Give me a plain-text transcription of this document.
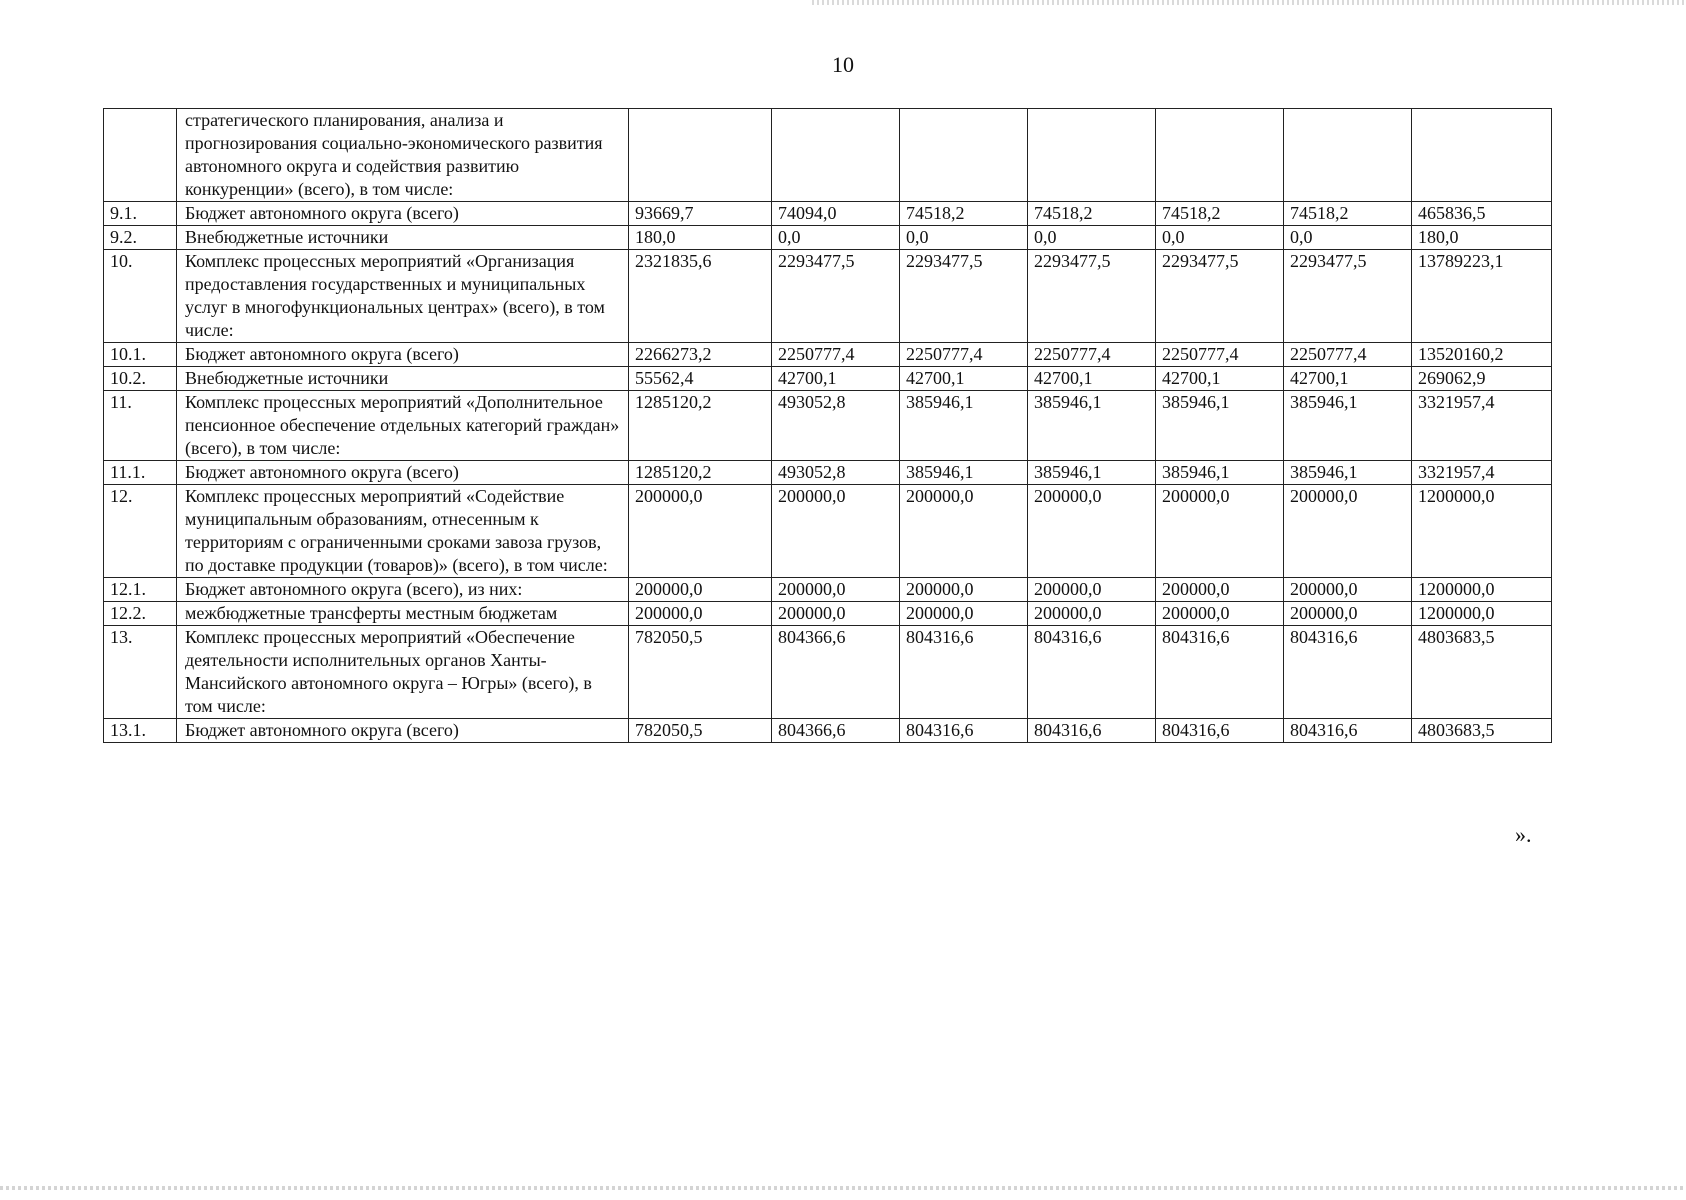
10
	стратегического планирования, анализа и прогнозирования социально-экономического развития автономного округа и содействия развитию конкуренции» (всего), в том числе:							
9.1.	Бюджет автономного округа (всего)	93669,7	74094,0	74518,2	74518,2	74518,2	74518,2	465836,5
9.2.	Внебюджетные источники	180,0	0,0	0,0	0,0	0,0	0,0	180,0
10.	Комплекс процессных мероприятий «Организация предоставления государственных и муниципальных услуг в многофункциональных центрах» (всего), в том числе:	2321835,6	2293477,5	2293477,5	2293477,5	2293477,5	2293477,5	13789223,1
10.1.	Бюджет автономного округа (всего)	2266273,2	2250777,4	2250777,4	2250777,4	2250777,4	2250777,4	13520160,2
10.2.	Внебюджетные источники	55562,4	42700,1	42700,1	42700,1	42700,1	42700,1	269062,9
11.	Комплекс процессных мероприятий «Дополнительное пенсионное обеспечение отдельных категорий граждан» (всего), в том числе:	1285120,2	493052,8	385946,1	385946,1	385946,1	385946,1	3321957,4
11.1.	Бюджет автономного округа (всего)	1285120,2	493052,8	385946,1	385946,1	385946,1	385946,1	3321957,4
12.	Комплекс процессных мероприятий «Содействие муниципальным образованиям, отнесенным к территориям с ограниченными сроками завоза грузов, по доставке продукции (товаров)» (всего), в том числе:	200000,0	200000,0	200000,0	200000,0	200000,0	200000,0	1200000,0
12.1.	Бюджет автономного округа (всего), из них:	200000,0	200000,0	200000,0	200000,0	200000,0	200000,0	1200000,0
12.2.	межбюджетные трансферты местным бюджетам	200000,0	200000,0	200000,0	200000,0	200000,0	200000,0	1200000,0
13.	Комплекс процессных мероприятий «Обеспечение деятельности исполнительных органов Ханты-Мансийского автономного округа – Югры» (всего), в том числе:	782050,5	804366,6	804316,6	804316,6	804316,6	804316,6	4803683,5
13.1.	Бюджет автономного округа (всего)	782050,5	804366,6	804316,6	804316,6	804316,6	804316,6	4803683,5
».
